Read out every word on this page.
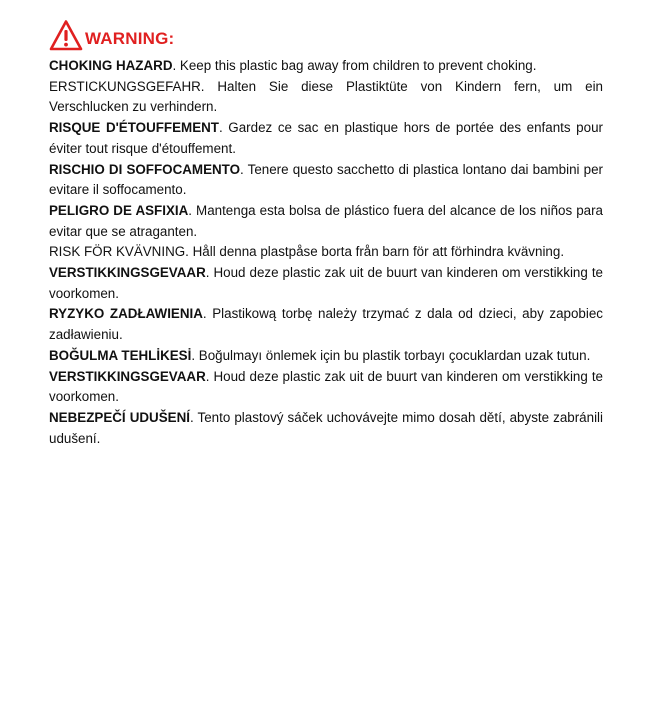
WARNING:

CHOKING HAZARD. Keep this plastic bag away from children to prevent choking.

ERSTICKUNGSGEFAHR. Halten Sie diese Plastiktüte von Kindern fern, um ein Verschlucken zu verhindern.

RISQUE D'ÉTOUFFEMENT. Gardez ce sac en plastique hors de portée des enfants pour éviter tout risque d'étouffement.

RISCHIO DI SOFFOCAMENTO. Tenere questo sacchetto di plastica lontano dai bambini per evitare il soffocamento.

PELIGRO DE ASFIXIA. Mantenga esta bolsa de plástico fuera del alcance de los niños para evitar que se atraganten.

RISK FÖR KVÄVNING. Håll denna plastpåse borta från barn för att förhindra kvävning.

VERSTIKKINGSGEVAAR. Houd deze plastic zak uit de buurt van kinderen om verstikking te voorkomen.

RYZYKO ZADŁAWIENIA. Plastikową torbę należy trzymać z dala od dzieci, aby zapobiec zadławieniu.

BOĞULMA TEHLİKESİ. Boğulmayı önlemek için bu plastik torbayı çocuklardan uzak tutun.

VERSTIKKINGSGEVAAR. Houd deze plastic zak uit de buurt van kinderen om verstikking te voorkomen.

NEBEZPEČÍ UDUŠENÍ. Tento plastový sáček uchovávejte mimo dosah dětí, abyste zabránili udušení.
